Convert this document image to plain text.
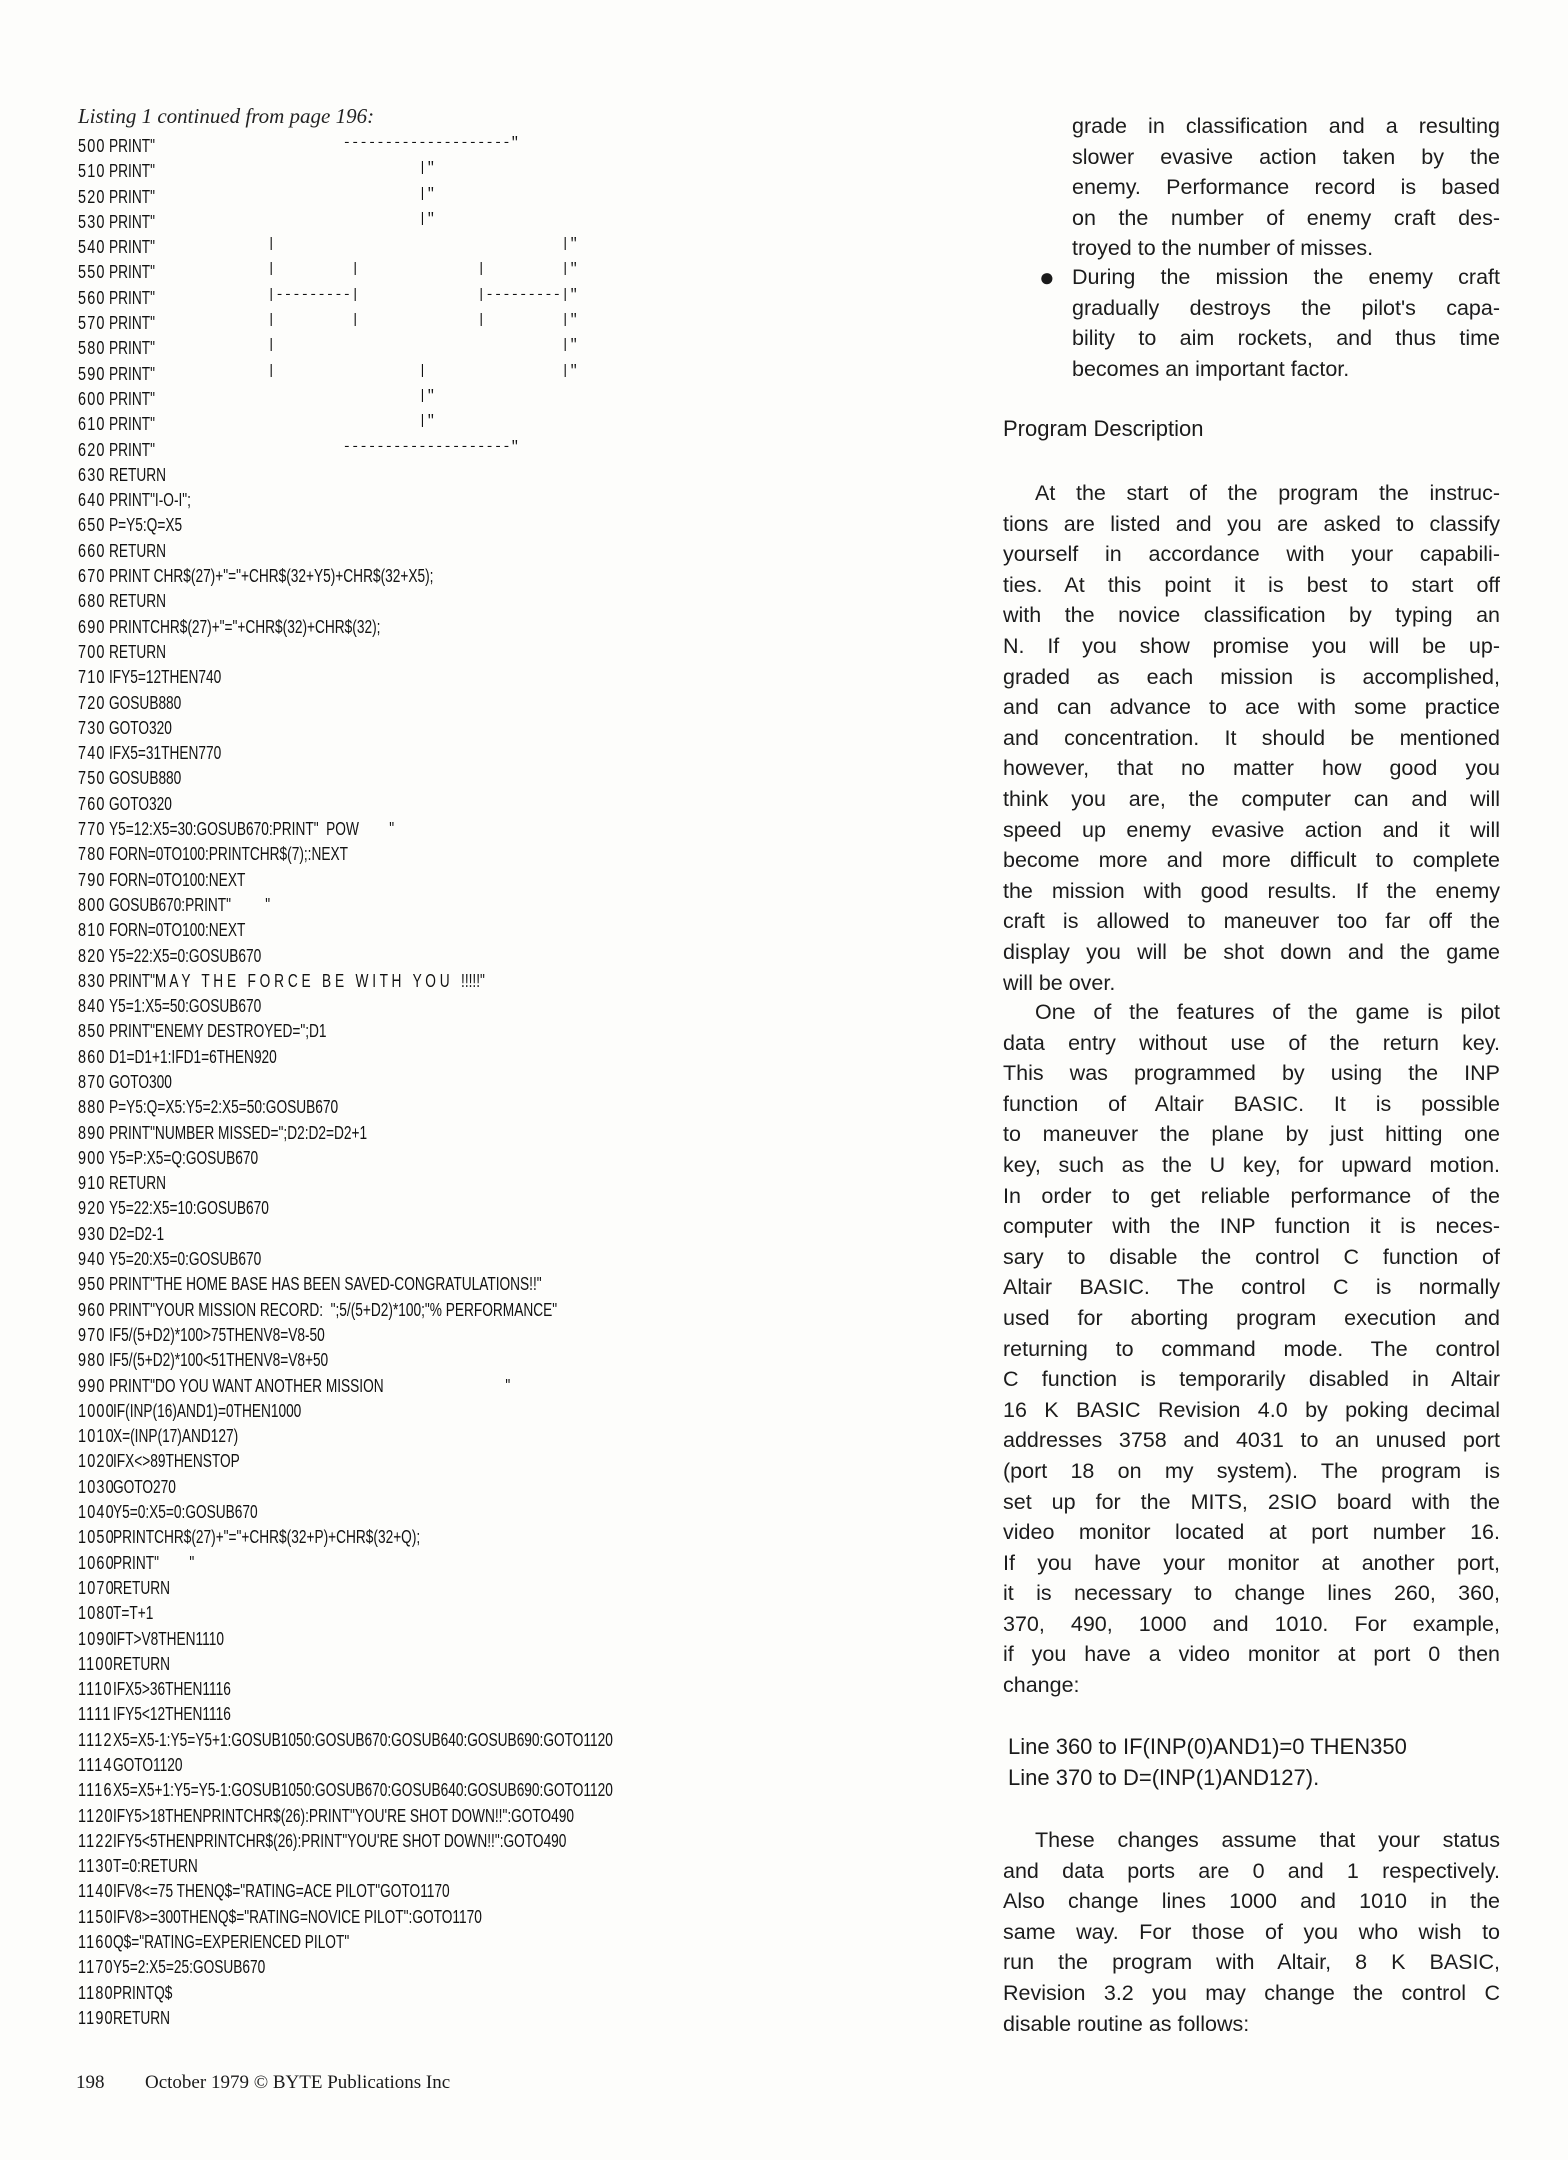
Listing 1 continued from page 196:
500 PRINT"	--------------------"
510 PRINT"	|"
520 PRINT"	|"
530 PRINT"	|"
540 PRINT"	|                                  |"
550 PRINT"	|         |              |         |"
560 PRINT"	|---------|              |---------|"
570 PRINT"	|         |              |         |"
580 PRINT"	|                                  |"
590 PRINT"	|                 |                |"
600 PRINT"	|"
610 PRINT"	|"
620 PRINT"	--------------------"
630 RETURN
640 PRINT"I-O-I";
650 P=Y5:Q=X5
660 RETURN
670 PRINT CHR$(27)+"="+CHR$(32+Y5)+CHR$(32+X5);
680 RETURN
690 PRINTCHR$(27)+"="+CHR$(32)+CHR$(32);
700 RETURN
710 IFY5=12THEN740
720 GOSUB880
730 GOTO320
740 IFX5=31THEN770
750 GOSUB880
760 GOTO320
770 Y5=12:X5=30:GOSUB670:PRINT"  POW        "
780 FORN=0TO100:PRINTCHR$(7);:NEXT
790 FORN=0TO100:NEXT
800 GOSUB670:PRINT"         "
810 FORN=0TO100:NEXT
820 Y5=22:X5=0:GOSUB670
830 PRINT"M A Y   T H E   F O R C E   B E   W I T H   Y O U   !!!!!"
840 Y5=1:X5=50:GOSUB670
850 PRINT"ENEMY DESTROYED=";D1
860 D1=D1+1:IFD1=6THEN920
870 GOTO300
880 P=Y5:Q=X5:Y5=2:X5=50:GOSUB670
890 PRINT"NUMBER MISSED=";D2:D2=D2+1
900 Y5=P:X5=Q:GOSUB670
910 RETURN
920 Y5=22:X5=10:GOSUB670
930 D2=D2-1
940 Y5=20:X5=0:GOSUB670
950 PRINT"THE HOME BASE HAS BEEN SAVED-CONGRATULATIONS!!"
960 PRINT"YOUR MISSION RECORD:  ";5/(5+D2)*100;"% PERFORMANCE"
970 IF5/(5+D2)*100>75THENV8=V8-50
980 IF5/(5+D2)*100<51THENV8=V8+50
990 PRINT"DO YOU WANT ANOTHER MISSION                                "
1000
IF(INP(16)AND1)=0THEN1000
1010
X=(INP(17)AND127)
1020
IFX<>89THENSTOP
1030
GOTO270
1040
Y5=0:X5=0:GOSUB670
1050
PRINTCHR$(27)+"="+CHR$(32+P)+CHR$(32+Q);
1060
PRINT"        "
1070
RETURN
1080
T=T+1
1090
IFT>V8THEN1110
1100 RETURN
1110 IFX5>36THEN1116
1111 IFY5<12THEN1116
1112 X5=X5-1:Y5=Y5+1:GOSUB1050:GOSUB670:GOSUB640:GOSUB690:GOTO1120
1114 GOTO1120
1116 X5=X5+1:Y5=Y5-1:GOSUB1050:GOSUB670:GOSUB640:GOSUB690:GOTO1120
1120 IFY5>18THENPRINTCHR$(26):PRINT"YOU'RE SHOT DOWN!!":GOTO490
1122 IFY5<5THENPRINTCHR$(26):PRINT"YOU'RE SHOT DOWN!!":GOTO490
1130 T=0:RETURN
1140 IFV8<=75 THENQ$="RATING=ACE PILOT"GOTO1170
1150 IFV8>=300THENQ$="RATING=NOVICE PILOT":GOTO1170
1160 Q$="RATING=EXPERIENCED PILOT"
1170 Y5=2:X5=25:GOSUB670
1180 PRINTQ$
1190 RETURN
grade in classification and a resulting
slower evasive action taken by the
enemy. Performance record is based
on the number of enemy craft des-
troyed to the number of misses.
● During the mission the enemy craft
gradually destroys the pilot's capa-
bility to aim rockets, and thus time
becomes an important factor.
Program Description
At the start of the program the instruc-
tions are listed and you are asked to classify
yourself in accordance with your capabili-
ties. At this point it is best to start off
with the novice classification by typing an
N. If you show promise you will be up-
graded as each mission is accomplished,
and can advance to ace with some practice
and concentration. It should be mentioned
however, that no matter how good you
think you are, the computer can and will
speed up enemy evasive action and it will
become more and more difficult to complete
the mission with good results. If the enemy
craft is allowed to maneuver too far off the
display you will be shot down and the game
will be over.
One of the features of the game is pilot
data entry without use of the return key.
This was programmed by using the INP
function of Altair BASIC. It is possible
to maneuver the plane by just hitting one
key, such as the U key, for upward motion.
In order to get reliable performance of the
computer with the INP function it is neces-
sary to disable the control C function of
Altair BASIC. The control C is normally
used for aborting program execution and
returning to command mode. The control
C function is temporarily disabled in Altair
16 K BASIC Revision 4.0 by poking decimal
addresses 3758 and 4031 to an unused port
(port 18 on my system). The program is
set up for the MITS, 2SIO board with the
video monitor located at port number 16.
If you have your monitor at another port,
it is necessary to change lines 260, 360,
370, 490, 1000 and 1010. For example,
if you have a video monitor at port 0 then
change:
Line 360 to IF(INP(0)AND1)=0 THEN350
Line 370 to D=(INP(1)AND127).
These changes assume that your status
and data ports are 0 and 1 respectively.
Also change lines 1000 and 1010 in the
same way. For those of you who wish to
run the program with Altair, 8 K BASIC,
Revision 3.2 you may change the control C
disable routine as follows:
198 October 1979 © BYTE Publications Inc
